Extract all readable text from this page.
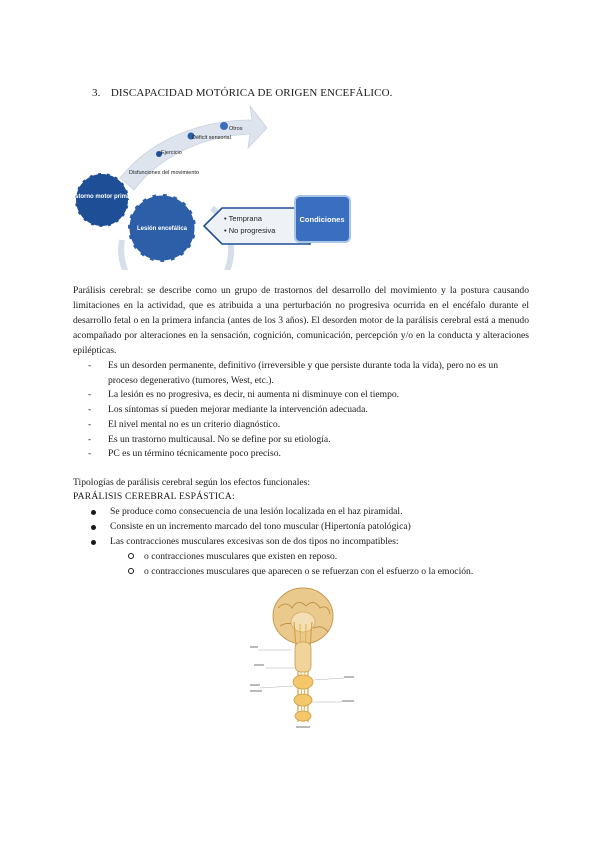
3. DISCAPACIDAD MOTÓRICA DE ORIGEN ENCEFÁLICO.
Disfunciones del movimiento
Ejercicio
Déficit sensorial
Otros
Trastorno motor primario
Lesión encefálica
• Temprana
• No progresiva
Condiciones

Parálisis cerebral: se describe como un grupo de trastornos del desarrollo del movimiento y la postura causando limitaciones en la actividad, que es atribuida a una perturbación no progresiva ocurrida en el encéfalo durante el desarrollo fetal o en la primera infancia (antes de los 3 años). El desorden motor de la parálisis cerebral está a menudo acompañado por alteraciones en la sensación, cognición, comunicación, percepción y/o en la conducta y alteraciones epilépticas.

- Es un desorden permanente, definitivo (irreversible y que persiste durante toda la vida), pero no es un proceso degenerativo (tumores, West, etc.).
- La lesión es no progresiva, es decir, ni aumenta ni disminuye con el tiempo.
- Los síntomas sí pueden mejorar mediante la intervención adecuada.
- El nivel mental no es un criterio diagnóstico.
- Es un trastorno multicausal. No se define por su etiología.
- PC es un término técnicamente poco preciso.
Tipologías de parálisis cerebral según los efectos funcionales:
PARÁLISIS CEREBRAL ESPÁSTICA:
Se produce como consecuencia de una lesión localizada en el haz piramidal.
Consiste en un incremento marcado del tono muscular (Hipertonía patológica)
Las contracciones musculares excesivas son de dos tipos no incompatibles:
o contracciones musculares que existen en reposo.
o contracciones musculares que aparecen o se refuerzan con el esfuerzo o la emoción.
